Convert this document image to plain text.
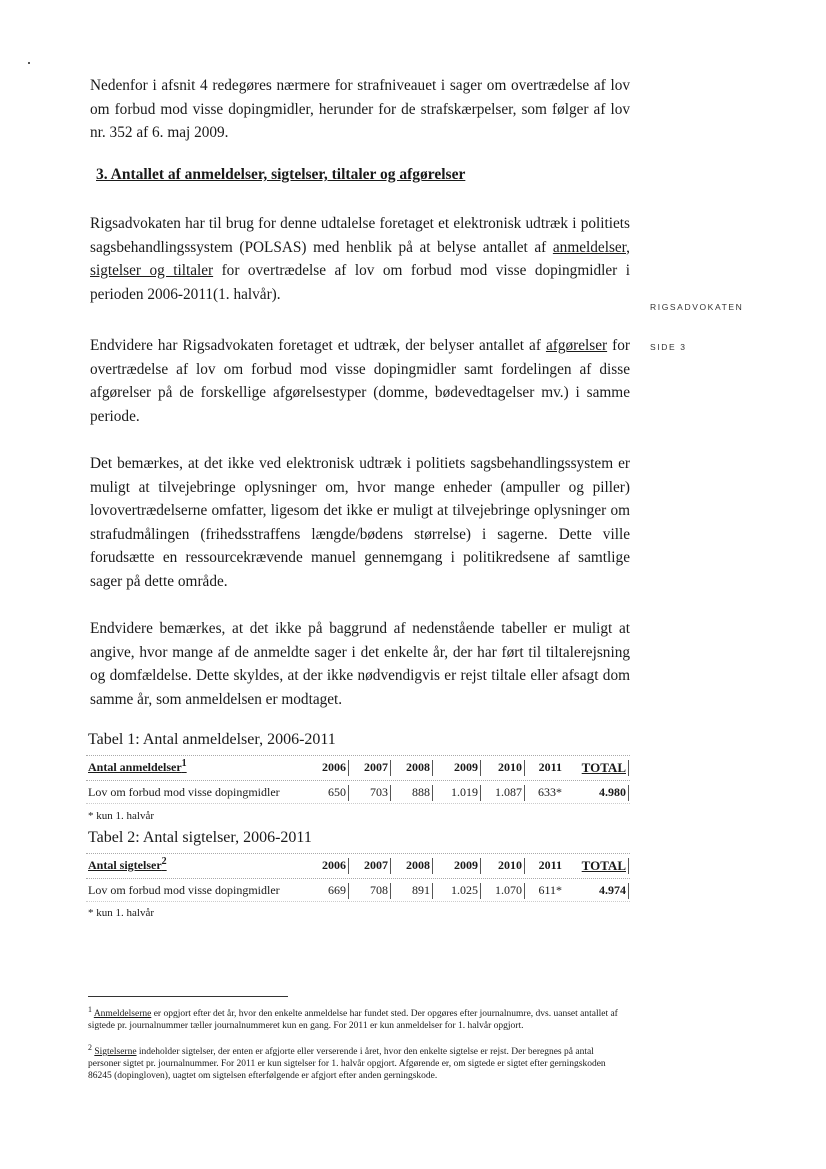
Nedenfor i afsnit 4 redegøres nærmere for strafniveauet i sager om overtrædelse af lov om forbud mod visse dopingmidler, herunder for de strafskærpelser, som følger af lov nr. 352 af 6. maj 2009.
3. Antallet af anmeldelser, sigtelser, tiltaler og afgørelser
Rigsadvokaten har til brug for denne udtalelse foretaget et elektronisk udtræk i politiets sagsbehandlingssystem (POLSAS) med henblik på at belyse antallet af anmeldelser, sigtelser og tiltaler for overtrædelse af lov om forbud mod visse dopingmidler i perioden 2006-2011(1. halvår).
RIGSADVOKATEN
SIDE 3
Endvidere har Rigsadvokaten foretaget et udtræk, der belyser antallet af afgørelser for overtrædelse af lov om forbud mod visse dopingmidler samt fordelingen af disse afgørelser på de forskellige afgørelsestyper (domme, bødevedtagelser mv.) i samme periode.
Det bemærkes, at det ikke ved elektronisk udtræk i politiets sagsbehandlingssystem er muligt at tilvejebringe oplysninger om, hvor mange enheder (ampuller og piller) lovovertrædelserne omfatter, ligesom det ikke er muligt at tilvejebringe oplysninger om strafudmålingen (frihedsstraffens længde/bødens størrelse) i sagerne. Dette ville forudsætte en ressourcekrævende manuel gennemgang i politikredsene af samtlige sager på dette område.
Endvidere bemærkes, at det ikke på baggrund af nedenstående tabeller er muligt at angive, hvor mange af de anmeldte sager i det enkelte år, der har ført til tiltalerejsning og domfældelse. Dette skyldes, at der ikke nødvendigvis er rejst tiltale eller afsagt dom samme år, som anmeldelsen er modtaget.
Tabel 1: Antal anmeldelser, 2006-2011
Antal anmeldelser$^1$	2006	2007	2008	2009	2010	2011	TOTAL
Lov om forbud mod visse dopingmidler	650	703	888	1.019	1.087	633*	4.980
* kun 1. halvår
Tabel 2: Antal sigtelser, 2006-2011
Antal sigtelser$^2$	2006	2007	2008	2009	2010	2011	TOTAL
Lov om forbud mod visse dopingmidler	669	708	891	1.025	1.070	611*	4.974
* kun 1. halvår
$^1$ Anmeldelserne er opgjort efter det år, hvor den enkelte anmeldelse har fundet sted. Der opgøres efter journalnumre, dvs. uanset antallet af sigtede pr. journalnummer tæller journalnummeret kun en gang. For 2011 er kun anmeldelser for 1. halvår opgjort.
$^2$ Sigtelserne indeholder sigtelser, der enten er afgjorte eller verserende i året, hvor den enkelte sigtelse er rejst. Der beregnes på antal personer sigtet pr. journalnummer. For 2011 er kun sigtelser for 1. halvår opgjort. Afgørende er, om sigtede er sigtet efter gerningskoden 86245 (dopingloven), uagtet om sigtelsen efterfølgende er afgjort efter anden gerningskode.
